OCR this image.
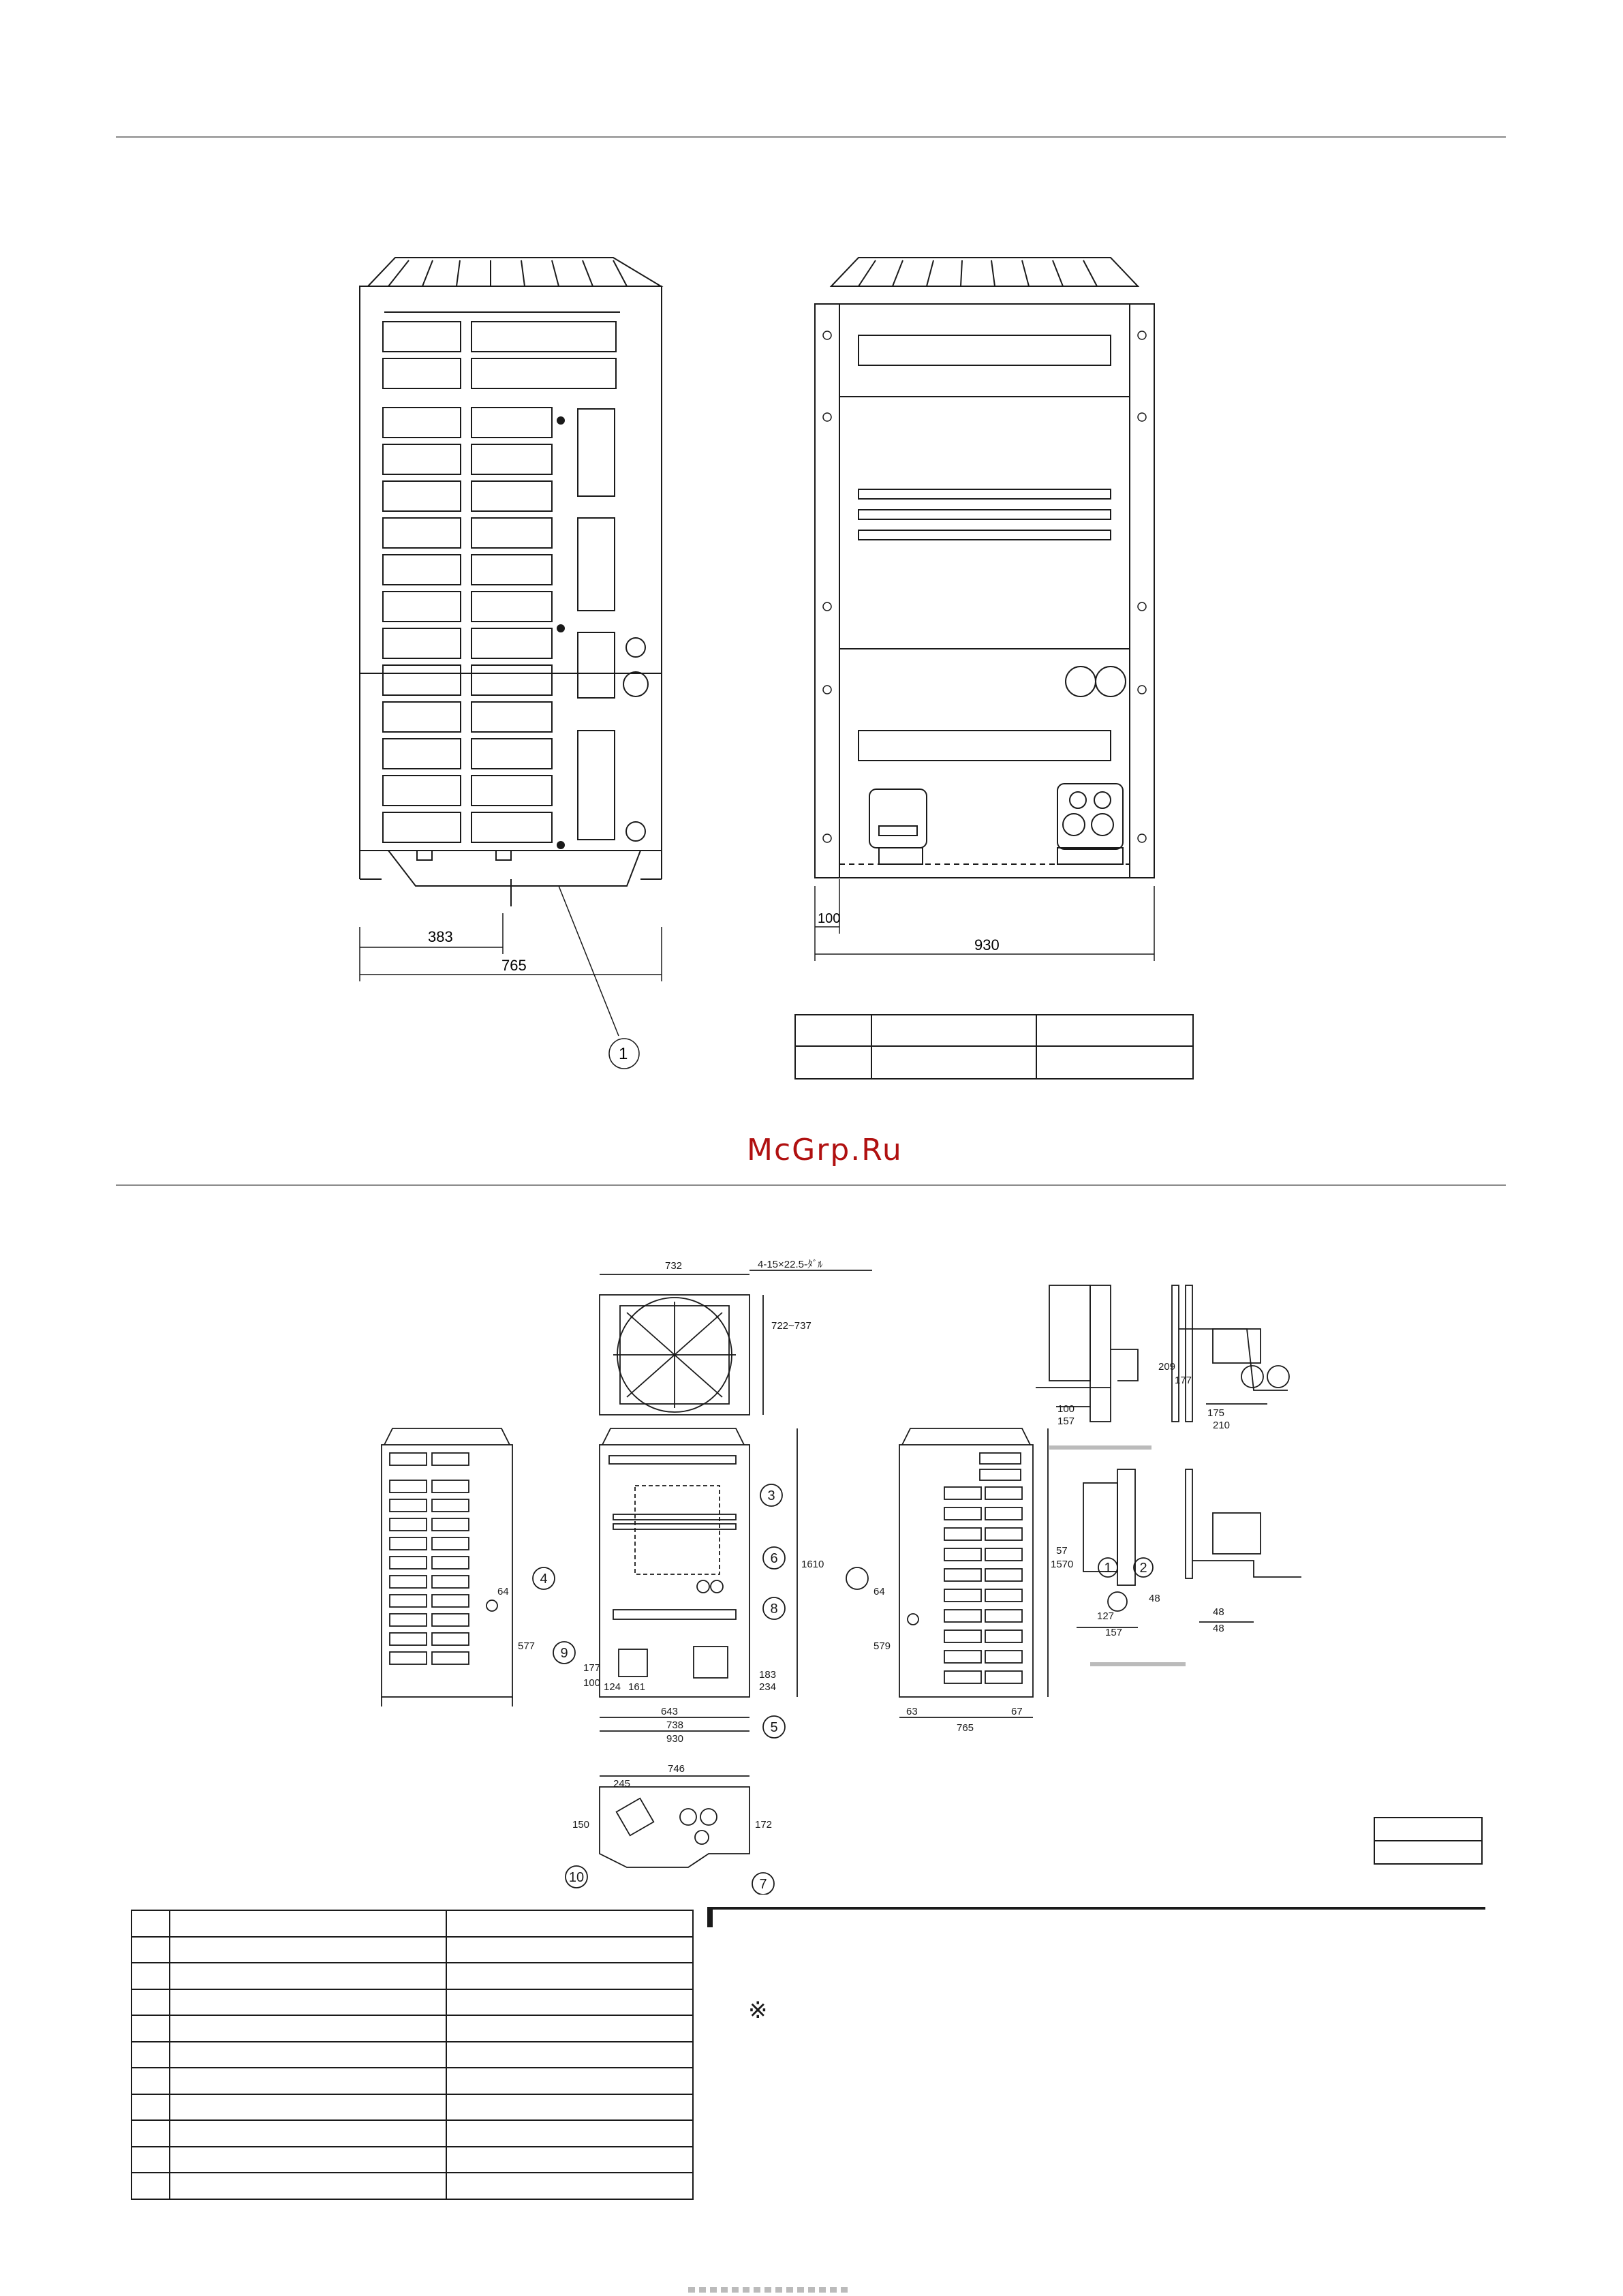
383
765
1
100
930

McGrp.Ru
732	4-15×22.5-ﾀﾞﾙ
722~737
1610
643
738
930
124 161
100
177
183
234
64
577
1570
64
579
63	67
765
746
245
150	172
100
157
209
177
175
210
57
127
157
48
48
48
1 2
3
4
5
6
7
8
9
10

※
